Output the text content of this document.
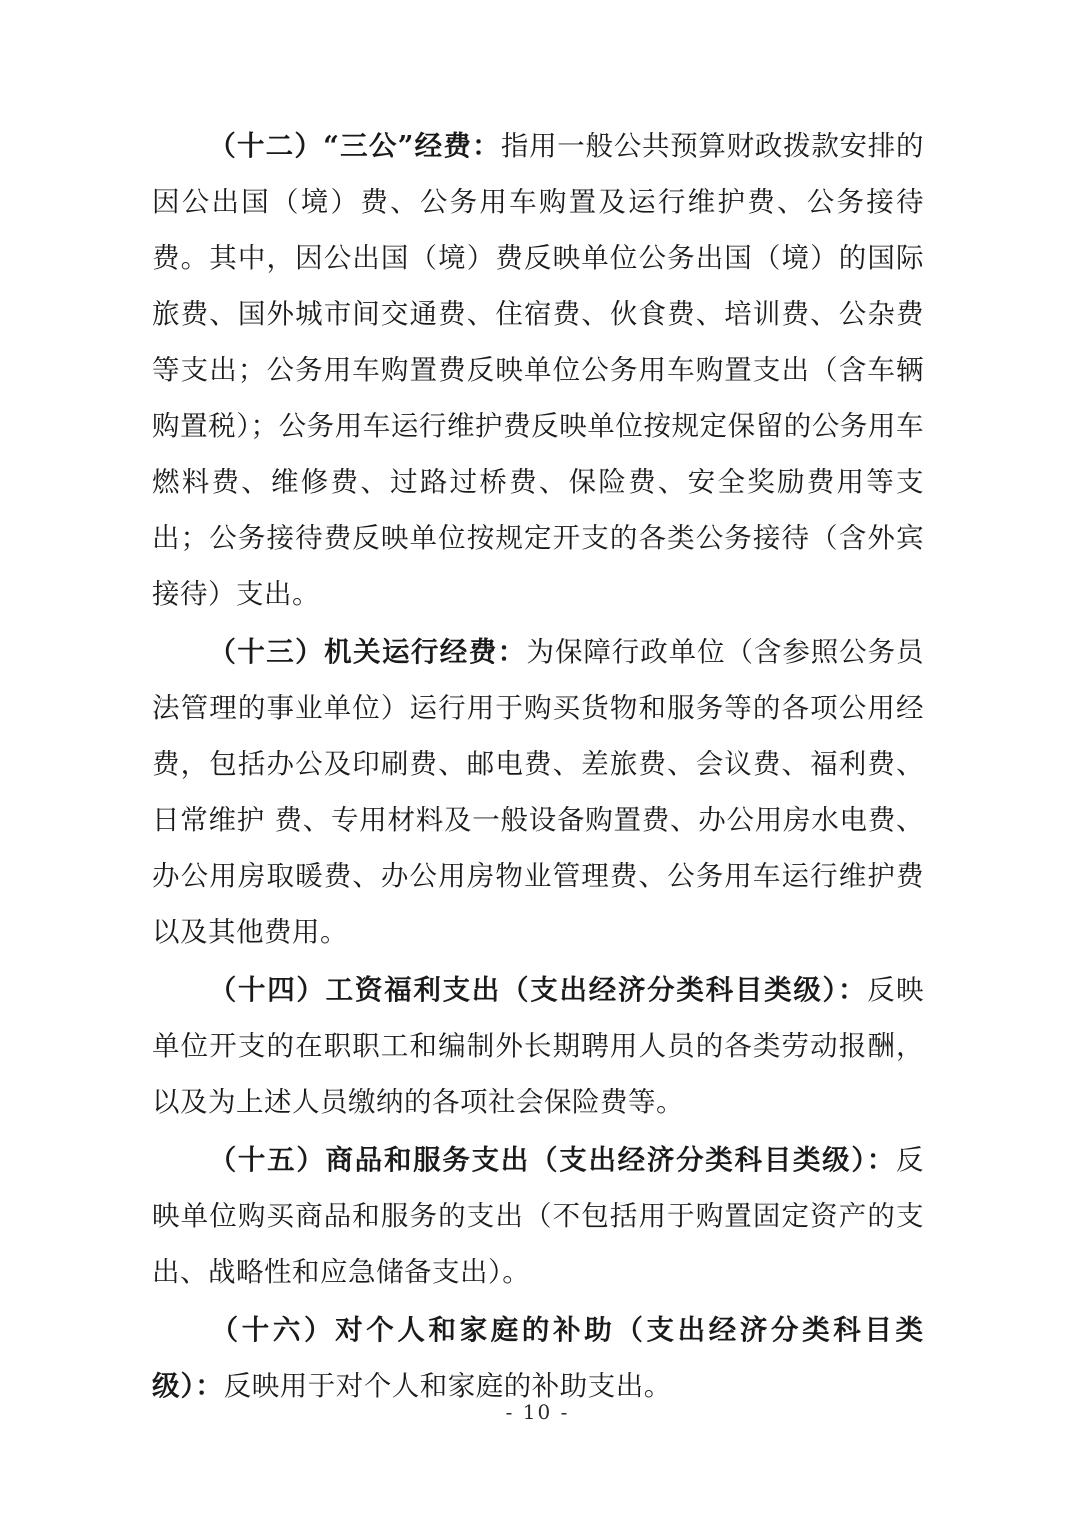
（十二）“三公”经费：指用一般公共预算财政拨款安排的因公出国（境）费、公务用车购置及运行维护费、公务接待费。其中，因公出国（境）费反映单位公务出国（境）的国际旅费、国外城市间交通费、住宿费、伙食费、培训费、公杂费等支出；公务用车购置费反映单位公务用车购置支出（含车辆购置税）；公务用车运行维护费反映单位按规定保留的公务用车燃料费、维修费、过路过桥费、保险费、安全奖励费用等支出；公务接待费反映单位按规定开支的各类公务接待（含外宾接待）支出。

（十三）机关运行经费：为保障行政单位（含参照公务员法管理的事业单位）运行用于购买货物和服务等的各项公用经费，包括办公及印刷费、邮电费、差旅费、会议费、福利费、日常维护 费、专用材料及一般设备购置费、办公用房水电费、办公用房取暖费、办公用房物业管理费、公务用车运行维护费以及其他费用。

（十四）工资福利支出（支出经济分类科目类级）：反映单位开支的在职职工和编制外长期聘用人员的各类劳动报酬，以及为上述人员缴纳的各项社会保险费等。

（十五）商品和服务支出（支出经济分类科目类级）：反映单位购买商品和服务的支出（不包括用于购置固定资产的支出、战略性和应急储备支出）。

（十六）对个人和家庭的补助（支出经济分类科目类级）：反映用于对个人和家庭的补助支出。

- 10 -
